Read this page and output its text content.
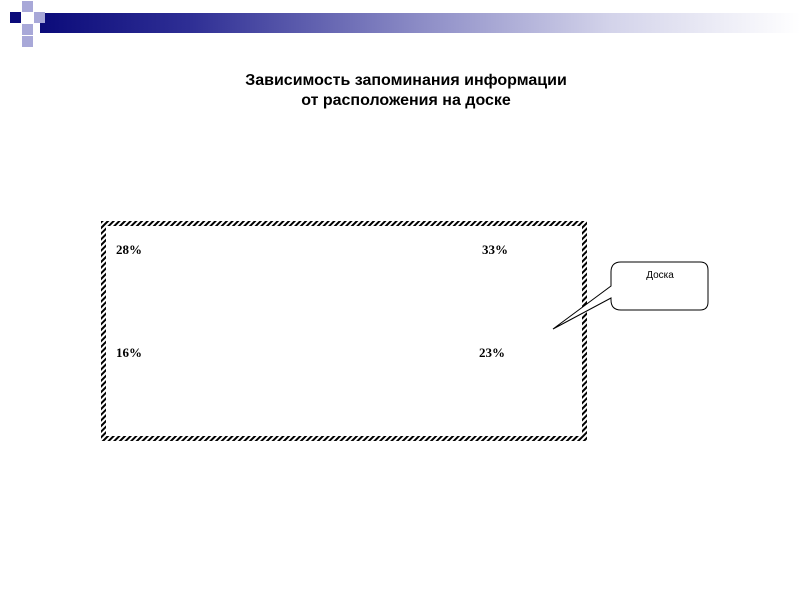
Зависимость запоминания информации
от расположения на доске
28%	33%
16%	23%
Доска
